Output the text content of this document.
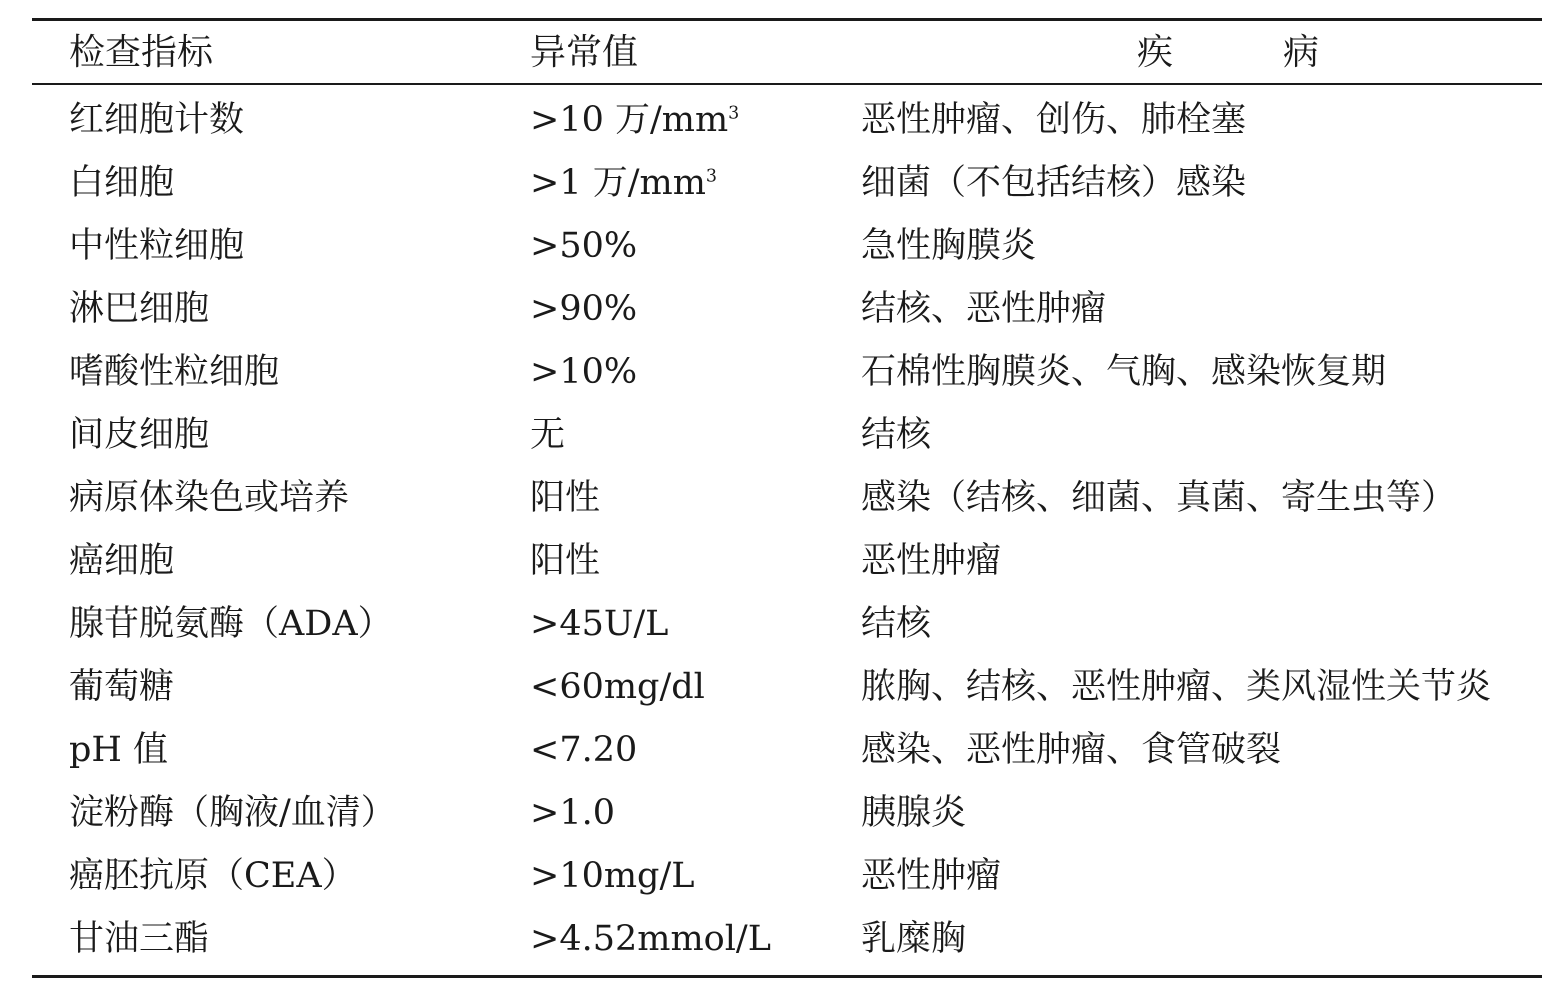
检查指标	异常值	疾病
红细胞计数	>10 万$/mm^3$	恶性肿瘤、创伤、肺栓塞
白细胞	>1 万$/mm^3$	细菌（不包括结核）感染
中性粒细胞	>50%	急性胸膜炎
淋巴细胞	>90%	结核、恶性肿瘤
嗜酸性粒细胞	>10%	石棉性胸膜炎、气胸、感染恢复期
间皮细胞	无	结核
病原体染色或培养	阳性	感染（结核、细菌、真菌、寄生虫等）
癌细胞	阳性	恶性肿瘤
腺苷脱氨酶（ADA）	>45U/L	结核
葡萄糖	<60mg/dl	脓胸、结核、恶性肿瘤、类风湿性关节炎
pH 值	<7.20	感染、恶性肿瘤、食管破裂
淀粉酶（胸液/血清）	>1.0	胰腺炎
癌胚抗原（CEA）	>10mg/L	恶性肿瘤
甘油三酯	>4.52mmol/L	乳糜胸
